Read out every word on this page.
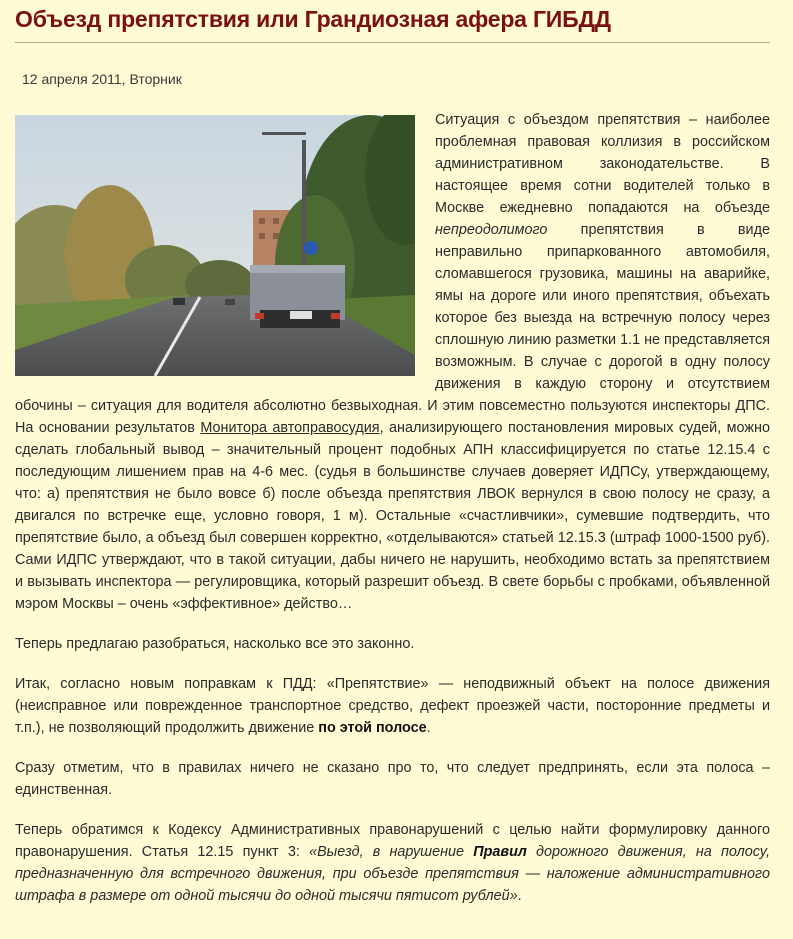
Объезд препятствия или Грандиозная афера ГИБДД
12 апреля 2011, Вторник

Ситуация с объездом препятствия – наиболее проблемная правовая коллизия в российском административном законодательстве. В настоящее время сотни водителей только в Москве ежедневно попадаются на объезде непреодолимого препятствия в виде неправильно припаркованного автомобиля, сломавшегося грузовика, машины на аварийке, ямы на дороге или иного препятствия, объехать которое без выезда на встречную полосу через сплошную линию разметки 1.1 не представляется возможным. В случае с дорогой в одну полосу движения в каждую сторону и отсутствием обочины – ситуация для водителя абсолютно безвыходная. И этим повсеместно пользуются инспекторы ДПС. На основании результатов Монитора автоправосудия, анализирующего постановления мировых судей, можно сделать глобальный вывод – значительный процент подобных АПН классифицируется по статье 12.15.4 с последующим лишением прав на 4-6 мес. (судья в большинстве случаев доверяет ИДПСу, утверждающему, что: а) препятствия не было вовсе б) после объезда препятствия ЛВОК вернулся в свою полосу не сразу, а двигался по встречке еще, условно говоря, 1 м). Остальные «счастливчики», сумевшие подтвердить, что препятствие было, а объезд был совершен корректно, «отделываются» статьей 12.15.3 (штраф 1000-1500 руб). Сами ИДПС утверждают, что в такой ситуации, дабы ничего не нарушить, необходимо встать за препятствием и вызывать инспектора — регулировщика, который разрешит объезд. В свете борьбы с пробками, объявленной мэром Москвы – очень «эффективное» действо…

Теперь предлагаю разобраться, насколько все это законно.

Итак, согласно новым поправкам к ПДД: «Препятствие» — неподвижный объект на полосе движения (неисправное или поврежденное транспортное средство, дефект проезжей части, посторонние предметы и т.п.), не позволяющий продолжить движение по этой полосе.

Сразу отметим, что в правилах ничего не сказано про то, что следует предпринять, если эта полоса – единственная.

Теперь обратимся к Кодексу Административных правонарушений с целью найти формулировку данного правонарушения. Статья 12.15 пункт 3: «Выезд, в нарушение Правил дорожного движения, на полосу, предназначенную для встречного движения, при объезде препятствия — наложение административного штрафа в размере от одной тысячи до одной тысячи пятисот рублей».
